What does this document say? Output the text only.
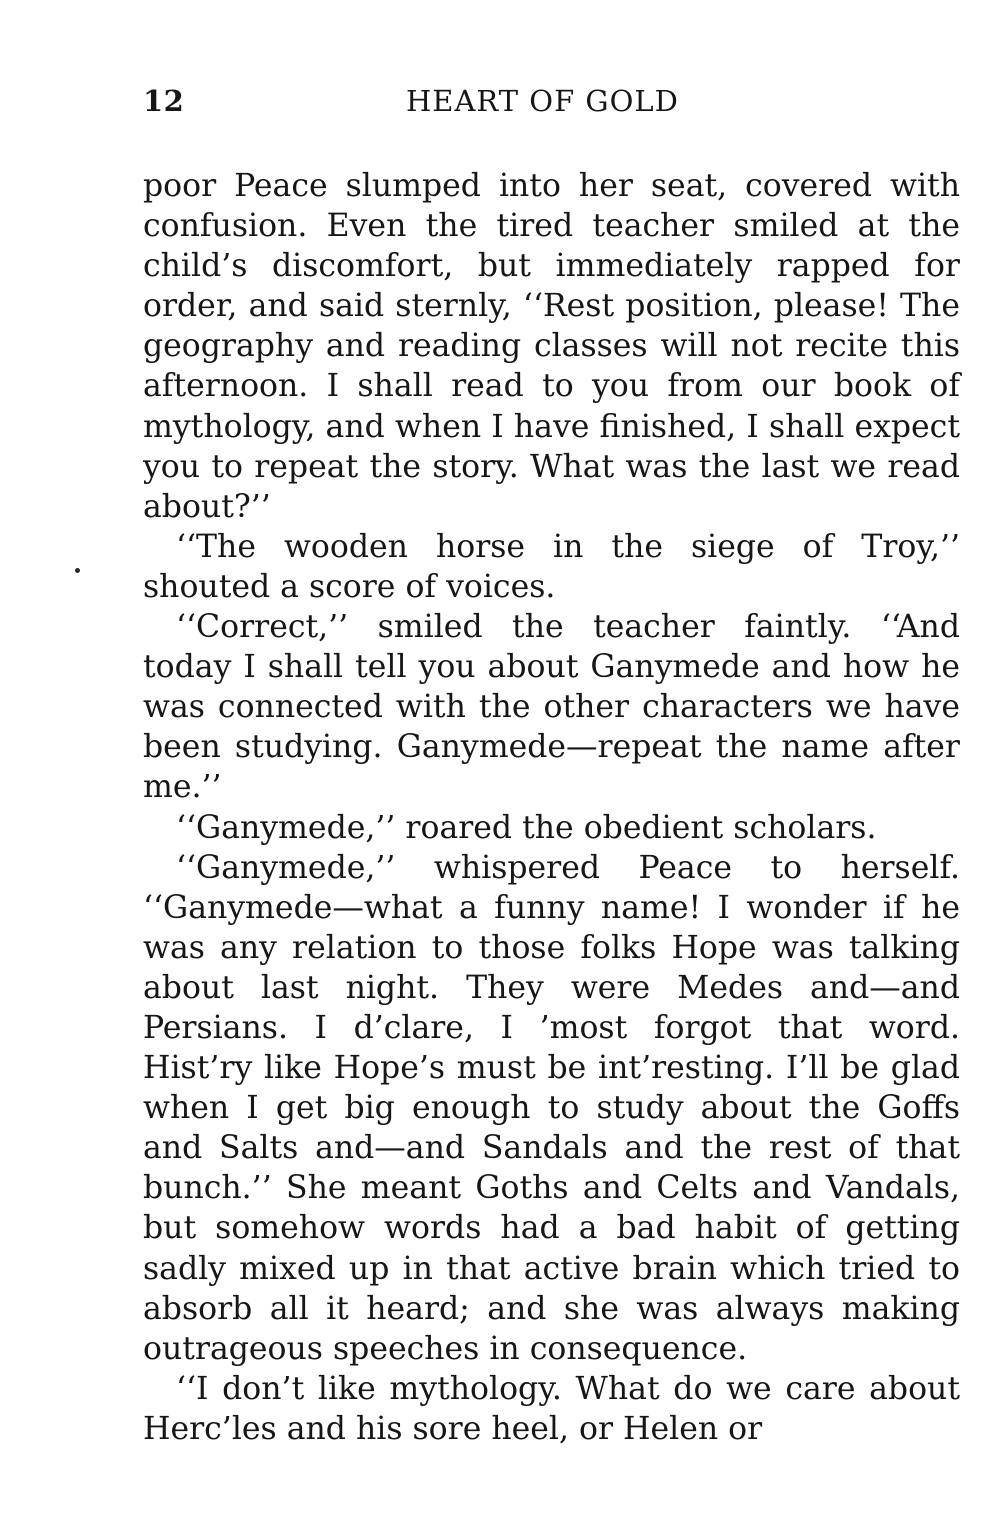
12	HEART OF GOLD

poor Peace slumped into her seat, covered with confusion. Even the tired teacher smiled at the child’s discomfort, but immediately rapped for order, and said sternly, ‘‘Rest position, please! The geography and reading classes will not recite this afternoon. I shall read to you from our book of mythology, and when I have finished, I shall expect you to repeat the story. What was the last we read about?’’

‘‘The wooden horse in the siege of Troy,’’ shouted a score of voices.

‘‘Correct,’’ smiled the teacher faintly. ‘‘And today I shall tell you about Ganymede and how he was connected with the other characters we have been studying. Ganymede—repeat the name after me.’’

‘‘Ganymede,’’ roared the obedient scholars.

‘‘Ganymede,’’ whispered Peace to herself. ‘‘Ganymede—what a funny name! I wonder if he was any relation to those folks Hope was talking about last night. They were Medes and—and Persians. I d’clare, I ’most forgot that word. Hist’ry like Hope’s must be int’resting. I’ll be glad when I get big enough to study about the Goffs and Salts and—and Sandals and the rest of that bunch.’’ She meant Goths and Celts and Vandals, but somehow words had a bad habit of getting sadly mixed up in that active brain which tried to absorb all it heard; and she was always making outrageous speeches in consequence.

‘‘I don’t like mythology. What do we care about Herc’les and his sore heel, or Helen or
